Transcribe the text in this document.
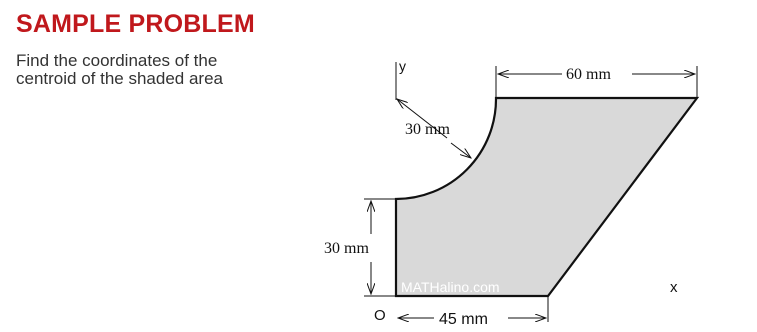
SAMPLE PROBLEM
Find the coordinates of the
centroid of the shaded area
y
30 mm
60 mm
30 mm
45 mm
O
x
MATHalino.com
